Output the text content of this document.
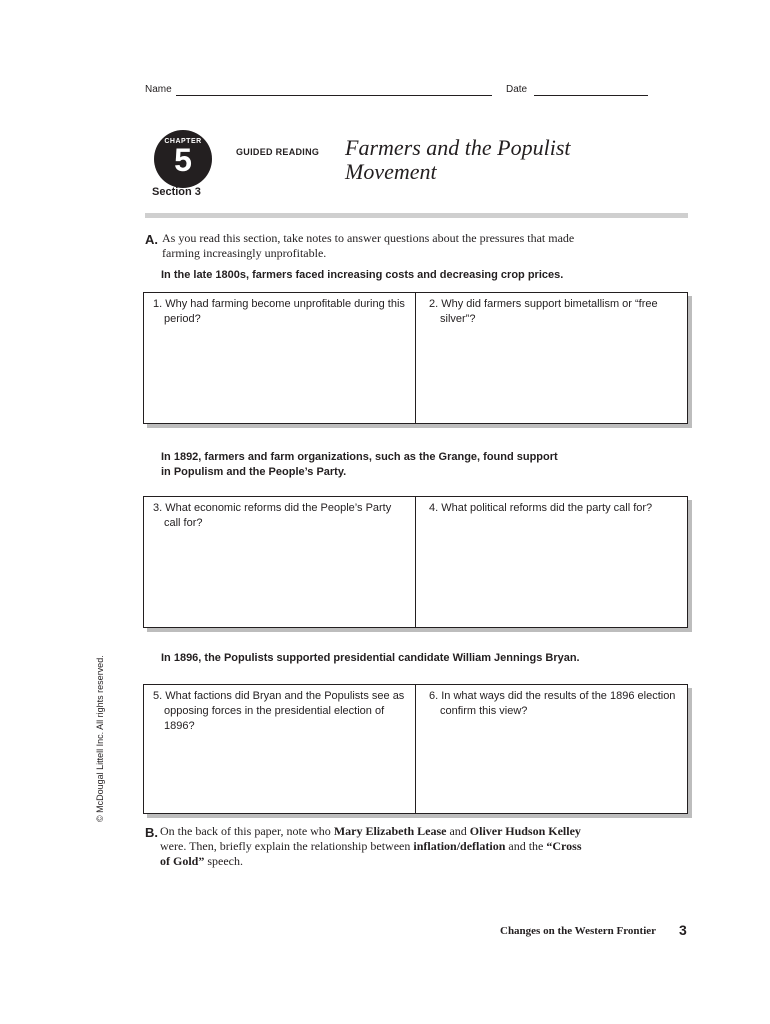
Name	Date
CHAPTER
5
Section 3
GUIDED READING Farmers and the Populist Movement
A. As you read this section, take notes to answer questions about the pressures that made farming increasingly unprofitable.
In the late 1800s, farmers faced increasing costs and decreasing crop prices.

1. Why had farming become unprofitable during this period?

2. Why did farmers support bimetallism or “free silver”?

In 1892, farmers and farm organizations, such as the Grange, found support in Populism and the People’s Party.

3. What economic reforms did the People’s Party call for?

4. What political reforms did the party call for?

In 1896, the Populists supported presidential candidate William Jennings Bryan.

5. What factions did Bryan and the Populists see as opposing forces in the presidential election of 1896?

6. In what ways did the results of the 1896 election confirm this view?

B. On the back of this paper, note who Mary Elizabeth Lease and Oliver Hudson Kelley were. Then, briefly explain the relationship between inflation/deflation and the “Cross of Gold” speech.
© McDougal Littell Inc. All rights reserved.
Changes on the Western Frontier 3
